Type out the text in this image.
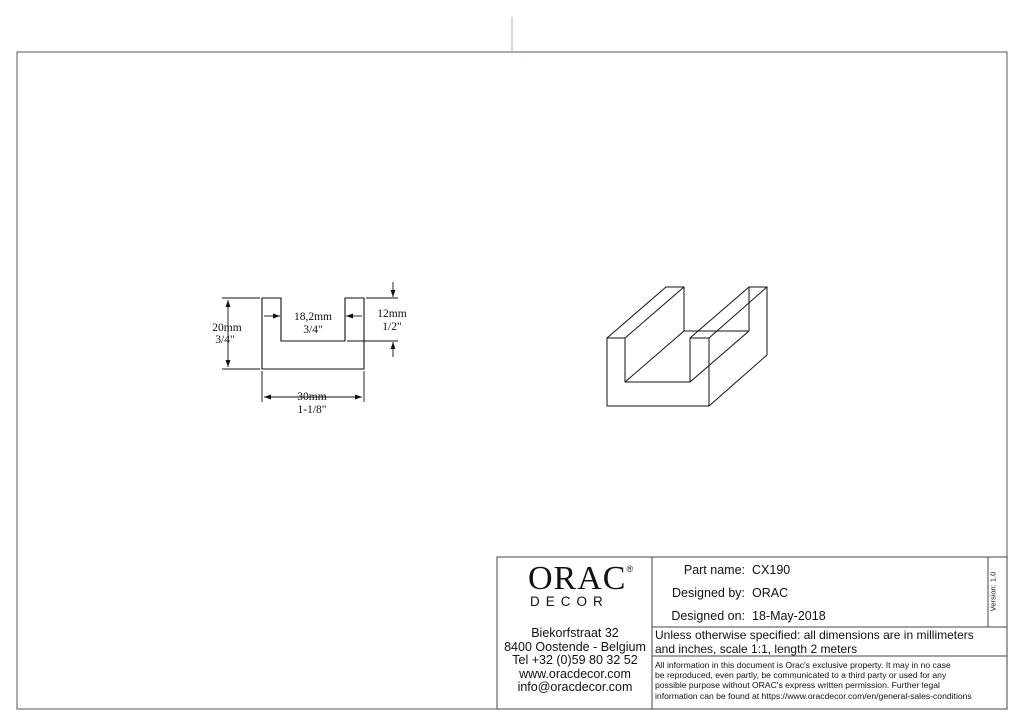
20mm
3/4"
18,2mm
3/4"
12mm
1/2"
30mm
1-1/8"
ORAC®
DECOR
Biekorfstraat 32
8400 Oostende - Belgium
Tel +32 (0)59 80 32 52
www.oracdecor.com
info@oracdecor.com
Part name: CX190
Designed by: ORAC
Designed on: 18-May-2018
Version: 1.0
Unless otherwise specified: all dimensions are in millimeters
and inches, scale 1:1, length 2 meters
All information in this document is Orac's exclusive property. It may in no case
be reproduced, even partly, be communicated to a third party or used for any
possible purpose without ORAC's express written permission. Further legal
information can be found at https://www.oracdecor.com/en/general-sales-conditions
